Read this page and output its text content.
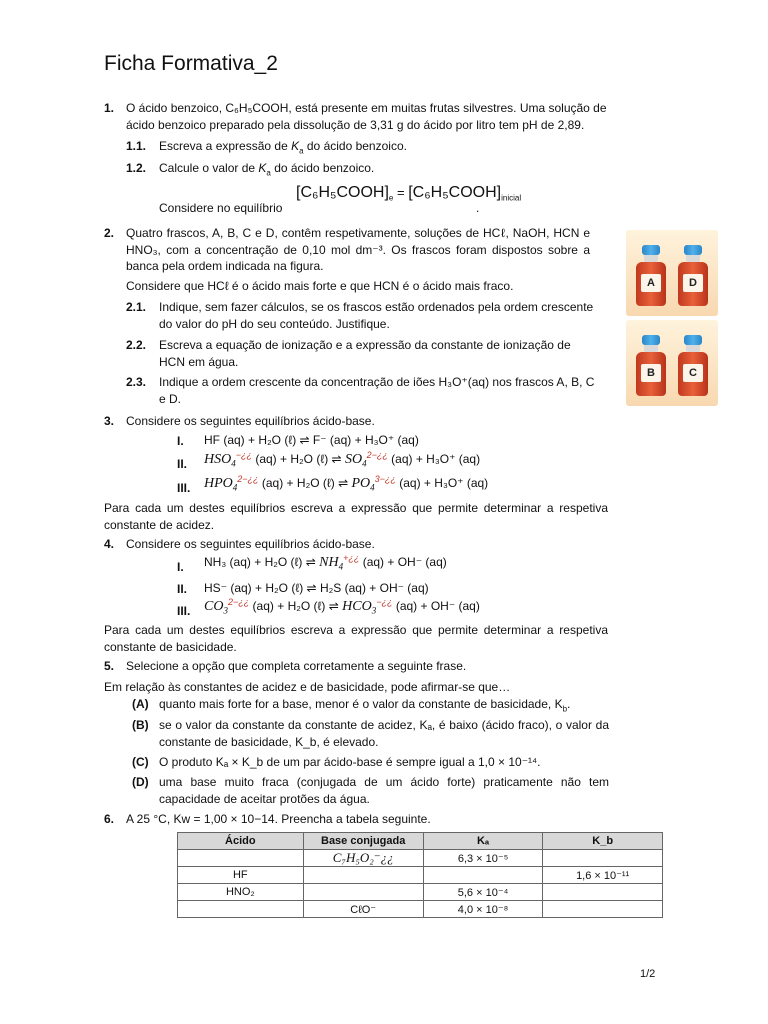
Ficha Formativa_2
1. O ácido benzoico, C₆H₅COOH, está presente em muitas frutas silvestres. Uma solução de ácido benzoico preparado pela dissolução de 3,31 g do ácido por litro tem pH de 2,89.
1.1. Escreva a expressão de $K_a$ do ácido benzoico.
1.2. Calcule o valor de $K_a$ do ácido benzoico.
$[C_6H_5COOH]_e$ = $[C_6H_5COOH]_{inicial}$
Considere no equilíbrio	.
2. Quatro frascos, A, B, C e D, contêm respetivamente, soluções de HCℓ, NaOH, HCN e HNO₃, com a concentração de 0,10 mol dm⁻³. Os frascos foram dispostos sobre a banca pela ordem indicada na figura.
Considere que HCℓ é o ácido mais forte e que HCN é o ácido mais fraco.
2.1. Indique, sem fazer cálculos, se os frascos estão ordenados pela ordem crescente do valor do pH do seu conteúdo. Justifique.
2.2. Escreva a equação de ionização e a expressão da constante de ionização de HCN em água.
2.3. Indique a ordem crescente da concentração de iões H₃O⁺(aq) nos frascos A, B, C e D.
A	D
B	C
3. Considere os seguintes equilíbrios ácido-base.
I. HF (aq) + H₂O (ℓ) ⇌ F⁻ (aq) + H₃O⁺ (aq)
II. $HSO_4^{-¿¿}$ (aq) + H₂O (ℓ) ⇌ $SO_4^{2-¿¿}$ (aq) + H₃O⁺ (aq)
III. $HPO_4^{2-¿¿}$ (aq) + H₂O (ℓ) ⇌ $PO_4^{3-¿¿}$ (aq) + H₃O⁺ (aq)
Para cada um destes equilíbrios escreva a expressão que permite determinar a respetiva constante de acidez.
4. Considere os seguintes equilíbrios ácido-base.
I. NH₃ (aq) + H₂O (ℓ) ⇌ $NH_4^{+¿¿}$ (aq) + OH⁻ (aq)
II. HS⁻ (aq) + H₂O (ℓ) ⇌ H₂S (aq) + OH⁻ (aq)
III. $CO_3^{2-¿¿}$ (aq) + H₂O (ℓ) ⇌ $HCO_3^{-¿¿}$ (aq) + OH⁻ (aq)
Para cada um destes equilíbrios escreva a expressão que permite determinar a respetiva constante de basicidade.
5. Selecione a opção que completa corretamente a seguinte frase.
Em relação às constantes de acidez e de basicidade, pode afirmar-se que…
(A) quanto mais forte for a base, menor é o valor da constante de basicidade, $K_b$.
(B) se o valor da constante da constante de acidez, Kₐ, é baixo (ácido fraco), o valor da constante de basicidade, K_b, é elevado.
(C) O produto Kₐ × K_b de um par ácido-base é sempre igual a 1,0 × 10⁻¹⁴.
(D) uma base muito fraca (conjugada de um ácido forte) praticamente não tem capacidade de aceitar protões da água.
6. A 25 °C, Kw = 1,00 × 10−14. Preencha a tabela seguinte.
Ácido	Base conjugada	Kₐ	K_b
	C₇H₅O₂⁻¿¿	6,3 × 10⁻⁵	
HF			1,6 × 10⁻¹¹
HNO₂		5,6 × 10⁻⁴	
	CℓO⁻	4,0 × 10⁻⁸	
1/2
